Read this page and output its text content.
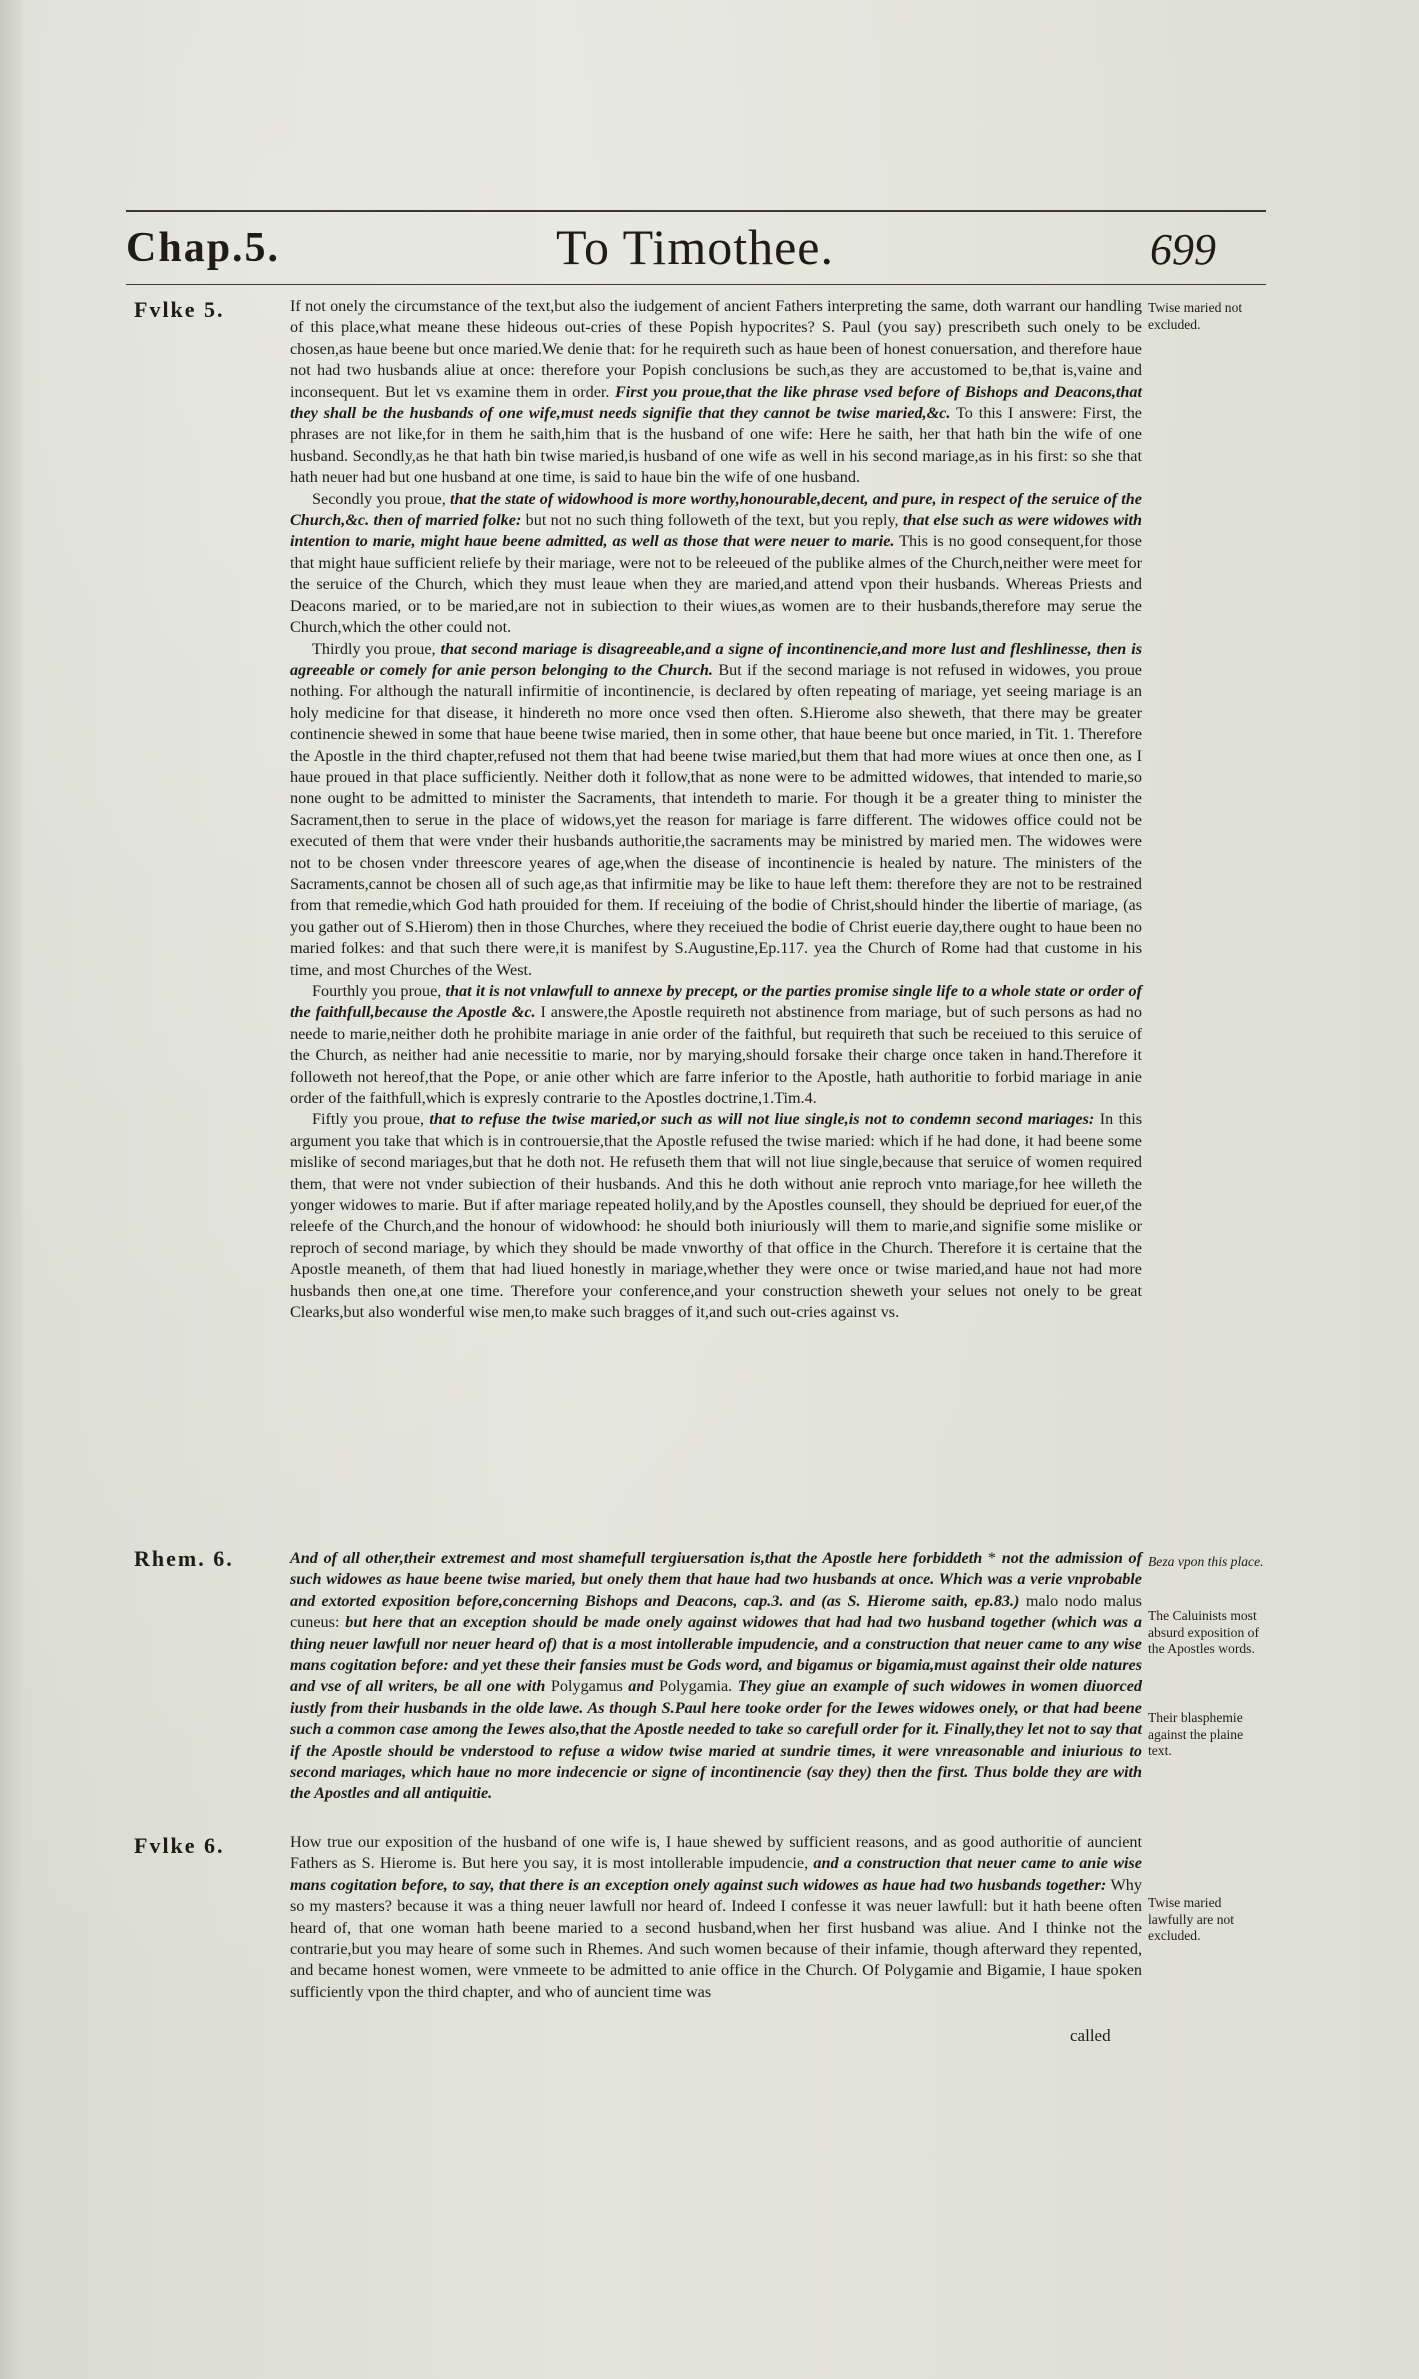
Chap.5.	To Timothee.	699
Fvlke 5.	Twise maried not excluded.

If not onely the circumstance of the text,but also the iudgement of ancient Fathers interpreting the same, doth warrant our handling of this place,what meane these hideous out-cries of these Popish hypocrites? S. Paul (you say) prescribeth such onely to be chosen,as haue beene but once maried.We denie that: for he requireth such as haue been of honest conuersation, and therefore haue not had two husbands aliue at once: therefore your Popish conclusions be such,as they are accustomed to be,that is,vaine and inconsequent. But let vs examine them in order. First you proue,that the like phrase vsed before of Bishops and Deacons,that they shall be the husbands of one wife,must needs signifie that they cannot be twise maried,&c. To this I answere: First, the phrases are not like,for in them he saith,him that is the husband of one wife: Here he saith, her that hath bin the wife of one husband. Secondly,as he that hath bin twise maried,is husband of one wife as well in his second mariage,as in his first: so she that hath neuer had but one husband at one time, is said to haue bin the wife of one husband.

Secondly you proue, that the state of widowhood is more worthy,honourable,decent, and pure, in respect of the seruice of the Church,&c. then of married folke: but not no such thing followeth of the text, but you reply, that else such as were widowes with intention to marie, might haue beene admitted, as well as those that were neuer to marie. This is no good consequent,for those that might haue sufficient reliefe by their mariage, were not to be releeued of the publike almes of the Church,neither were meet for the seruice of the Church, which they must leaue when they are maried,and attend vpon their husbands. Whereas Priests and Deacons maried, or to be maried,are not in subiection to their wiues,as women are to their husbands,therefore may serue the Church,which the other could not.

Thirdly you proue, that second mariage is disagreeable,and a signe of incontinencie,and more lust and fleshlinesse, then is agreeable or comely for anie person belonging to the Church. But if the second mariage is not refused in widowes, you proue nothing. For although the naturall infirmitie of incontinencie, is declared by often repeating of mariage, yet seeing mariage is an holy medicine for that disease, it hindereth no more once vsed then often. S.Hierome also sheweth, that there may be greater continencie shewed in some that haue beene twise maried, then in some other, that haue beene but once maried, in Tit. 1. Therefore the Apostle in the third chapter,refused not them that had beene twise maried,but them that had more wiues at once then one, as I haue proued in that place sufficiently. Neither doth it follow,that as none were to be admitted widowes, that intended to marie,so none ought to be admitted to minister the Sacraments, that intendeth to marie. For though it be a greater thing to minister the Sacrament,then to serue in the place of widows,yet the reason for mariage is farre different. The widowes office could not be executed of them that were vnder their husbands authoritie,the sacraments may be ministred by maried men. The widowes were not to be chosen vnder threescore yeares of age,when the disease of incontinencie is healed by nature. The ministers of the Sacraments,cannot be chosen all of such age,as that infirmitie may be like to haue left them: therefore they are not to be restrained from that remedie,which God hath prouided for them. If receiuing of the bodie of Christ,should hinder the libertie of mariage, (as you gather out of S.Hierom) then in those Churches, where they receiued the bodie of Christ euerie day,there ought to haue been no maried folkes: and that such there were,it is manifest by S.Augustine,Ep.117. yea the Church of Rome had that custome in his time, and most Churches of the West.

Fourthly you proue, that it is not vnlawfull to annexe by precept, or the parties promise single life to a whole state or order of the faithfull,because the Apostle &c. I answere,the Apostle requireth not abstinence from mariage, but of such persons as had no neede to marie,neither doth he prohibite mariage in anie order of the faithful, but requireth that such be receiued to this seruice of the Church, as neither had anie necessitie to marie, nor by marying,should forsake their charge once taken in hand.Therefore it followeth not hereof,that the Pope, or anie other which are farre inferior to the Apostle, hath authoritie to forbid mariage in anie order of the faithfull,which is expresly contrarie to the Apostles doctrine,1.Tim.4.

Fiftly you proue, that to refuse the twise maried,or such as will not liue single,is not to condemn second mariages: In this argument you take that which is in controuersie,that the Apostle refused the twise maried: which if he had done, it had beene some mislike of second mariages,but that he doth not. He refuseth them that will not liue single,because that seruice of women required them, that were not vnder subiection of their husbands. And this he doth without anie reproch vnto mariage,for hee willeth the yonger widowes to marie. But if after mariage repeated holily,and by the Apostles counsell, they should be depriued for euer,of the releefe of the Church,and the honour of widowhood: he should both iniuriously will them to marie,and signifie some mislike or reproch of second mariage, by which they should be made vnworthy of that office in the Church. Therefore it is certaine that the Apostle meaneth, of them that had liued honestly in mariage,whether they were once or twise maried,and haue not had more husbands then one,at one time. Therefore your conference,and your construction sheweth your selues not onely to be great Clearks,but also wonderful wise men,to make such bragges of it,and such out-cries against vs.

Rhem. 6.	Beza vpon this place.
The Caluinists most absurd exposition of the Apostles words.
Their blasphemie against the plaine text.

And of all other,their extremest and most shamefull tergiuersation is,that the Apostle here forbiddeth * not the admission of such widowes as haue beene twise maried, but onely them that haue had two husbands at once. Which was a verie vnprobable and extorted exposition before,concerning Bishops and Deacons, cap.3. and (as S. Hierome saith, ep.83.) malo nodo malus cuneus: but here that an exception should be made onely against widowes that had had two husband together (which was a thing neuer lawfull nor neuer heard of) that is a most intollerable impudencie, and a construction that neuer came to any wise mans cogitation before: and yet these their fansies must be Gods word, and bigamus or bigamia,must against their olde natures and vse of all writers, be all one with Polygamus and Polygamia. They giue an example of such widowes in women diuorced iustly from their husbands in the olde lawe. As though S.Paul here tooke order for the Iewes widowes onely, or that had beene such a common case among the Iewes also,that the Apostle needed to take so carefull order for it. Finally,they let not to say that if the Apostle should be vnderstood to refuse a widow twise maried at sundrie times, it were vnreasonable and iniurious to second mariages, which haue no more indecencie or signe of incontinencie (say they) then the first. Thus bolde they are with the Apostles and all antiquitie.

Fvlke 6.
Twise maried lawfully are not excluded.

How true our exposition of the husband of one wife is, I haue shewed by sufficient reasons, and as good authoritie of auncient Fathers as S. Hierome is. But here you say, it is most intollerable impudencie, and a construction that neuer came to anie wise mans cogitation before, to say, that there is an exception onely against such widowes as haue had two husbands together: Why so my masters? because it was a thing neuer lawfull nor heard of. Indeed I confesse it was neuer lawfull: but it hath beene often heard of, that one woman hath beene maried to a second husband,when her first husband was aliue. And I thinke not the contrarie,but you may heare of some such in Rhemes. And such women because of their infamie, though afterward they repented, and became honest women, were vnmeete to be admitted to anie office in the Church. Of Polygamie and Bigamie, I haue spoken sufficiently vpon the third chapter, and who of auncient time was

called
